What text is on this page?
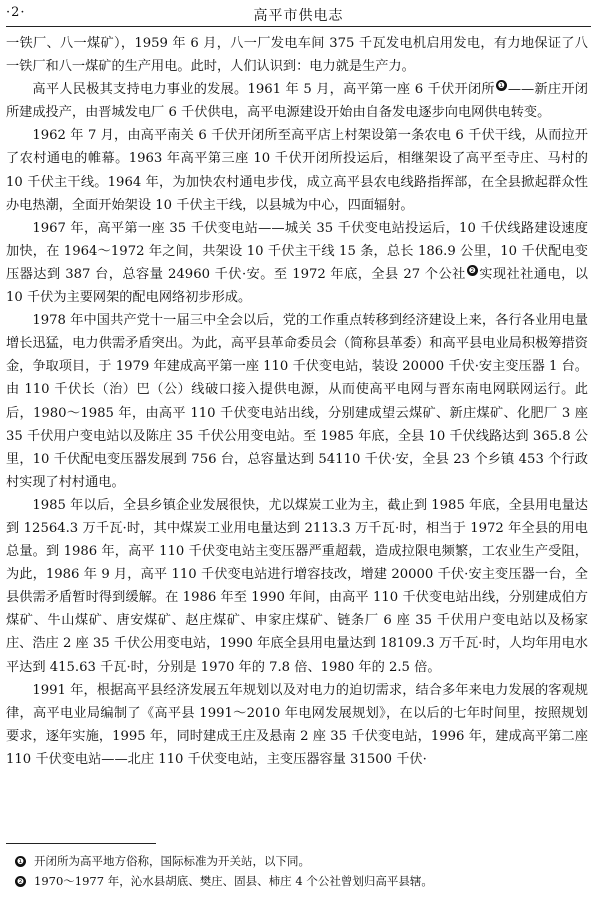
·2·	高平市供电志

一铁厂、八一煤矿），1959 年 6 月，八一厂发电车间 375 千瓦发电机启用发电，有力地保证了八一铁厂和八一煤矿的生产用电。此时，人们认识到：电力就是生产力。

高平人民极其支持电力事业的发展。1961 年 5 月，高平第一座 6 千伏开闭所 ❶ ——新庄开闭所建成投产，由晋城发电厂 6 千伏供电，高平电源建设开始由自备发电逐步向电网供电转变。

1962 年 7 月，由高平南关 6 千伏开闭所至高平店上村架设第一条农电 6 千伏干线，从而拉开了农村通电的帷幕。1963 年高平第三座 10 千伏开闭所投运后，相继架设了高平至寺庄、马村的 10 千伏主干线。1964 年，为加快农村通电步伐，成立高平县农电线路指挥部，在全县掀起群众性办电热潮，全面开始架设 10 千伏主干线，以县城为中心，四面辐射。

1967 年，高平第一座 35 千伏变电站——城关 35 千伏变电站投运后，10 千伏线路建设速度加快，在 1964～1972 年之间，共架设 10 千伏主干线 15 条，总长 186.9 公里，10 千伏配电变压器达到 387 台，总容量 24960 千伏·安。至 1972 年底，全县 27 个公社 ❷ 实现社社通电，以 10 千伏为主要网架的配电网络初步形成。

1978 年中国共产党十一届三中全会以后，党的工作重点转移到经济建设上来，各行各业用电量增长迅猛，电力供需矛盾突出。为此，高平县革命委员会（简称县革委）和高平县电业局积极筹措资金，争取项目，于 1979 年建成高平第一座 110 千伏变电站，装设 20000 千伏·安主变压器 1 台。由 110 千伏长（治）巴（公）线破口接入提供电源，从而使高平电网与晋东南电网联网运行。此后，1980～1985 年，由高平 110 千伏变电站出线，分别建成望云煤矿、新庄煤矿、化肥厂 3 座 35 千伏用户变电站以及陈庄 35 千伏公用变电站。至 1985 年底，全县 10 千伏线路达到 365.8 公里，10 千伏配电变压器发展到 756 台，总容量达到 54110 千伏·安，全县 23 个乡镇 453 个行政村实现了村村通电。

1985 年以后，全县乡镇企业发展很快，尤以煤炭工业为主，截止到 1985 年底，全县用电量达到 12564.3 万千瓦·时，其中煤炭工业用电量达到 2113.3 万千瓦·时，相当于 1972 年全县的用电总量。到 1986 年，高平 110 千伏变电站主变压器严重超载，造成拉限电频繁，工农业生产受阻，为此，1986 年 9 月，高平 110 千伏变电站进行增容技改，增建 20000 千伏·安主变压器一台，全县供需矛盾暂时得到缓解。在 1986 年至 1990 年间，由高平 110 千伏变电站出线，分别建成伯方煤矿、牛山煤矿、唐安煤矿、赵庄煤矿、申家庄煤矿、链条厂 6 座 35 千伏用户变电站以及杨家庄、浩庄 2 座 35 千伏公用变电站，1990 年底全县用电量达到 18109.3 万千瓦·时，人均年用电水平达到 415.63 千瓦·时，分别是 1970 年的 7.8 倍、1980 年的 2.5 倍。

1991 年，根据高平县经济发展五年规划以及对电力的迫切需求，结合多年来电力发展的客观规律，高平电业局编制了《高平县 1991～2010 年电网发展规划》，在以后的七年时间里，按照规划要求，逐年实施，1995 年，同时建成王庄及悬南 2 座 35 千伏变电站，1996 年，建成高平第二座 110 千伏变电站——北庄 110 千伏变电站，主变压器容量 31500 千伏·

❶ 开闭所为高平地方俗称，国际标准为开关站，以下同。

❷ 1970～1977 年，沁水县胡底、樊庄、固县、柿庄 4 个公社曾划归高平县辖。
